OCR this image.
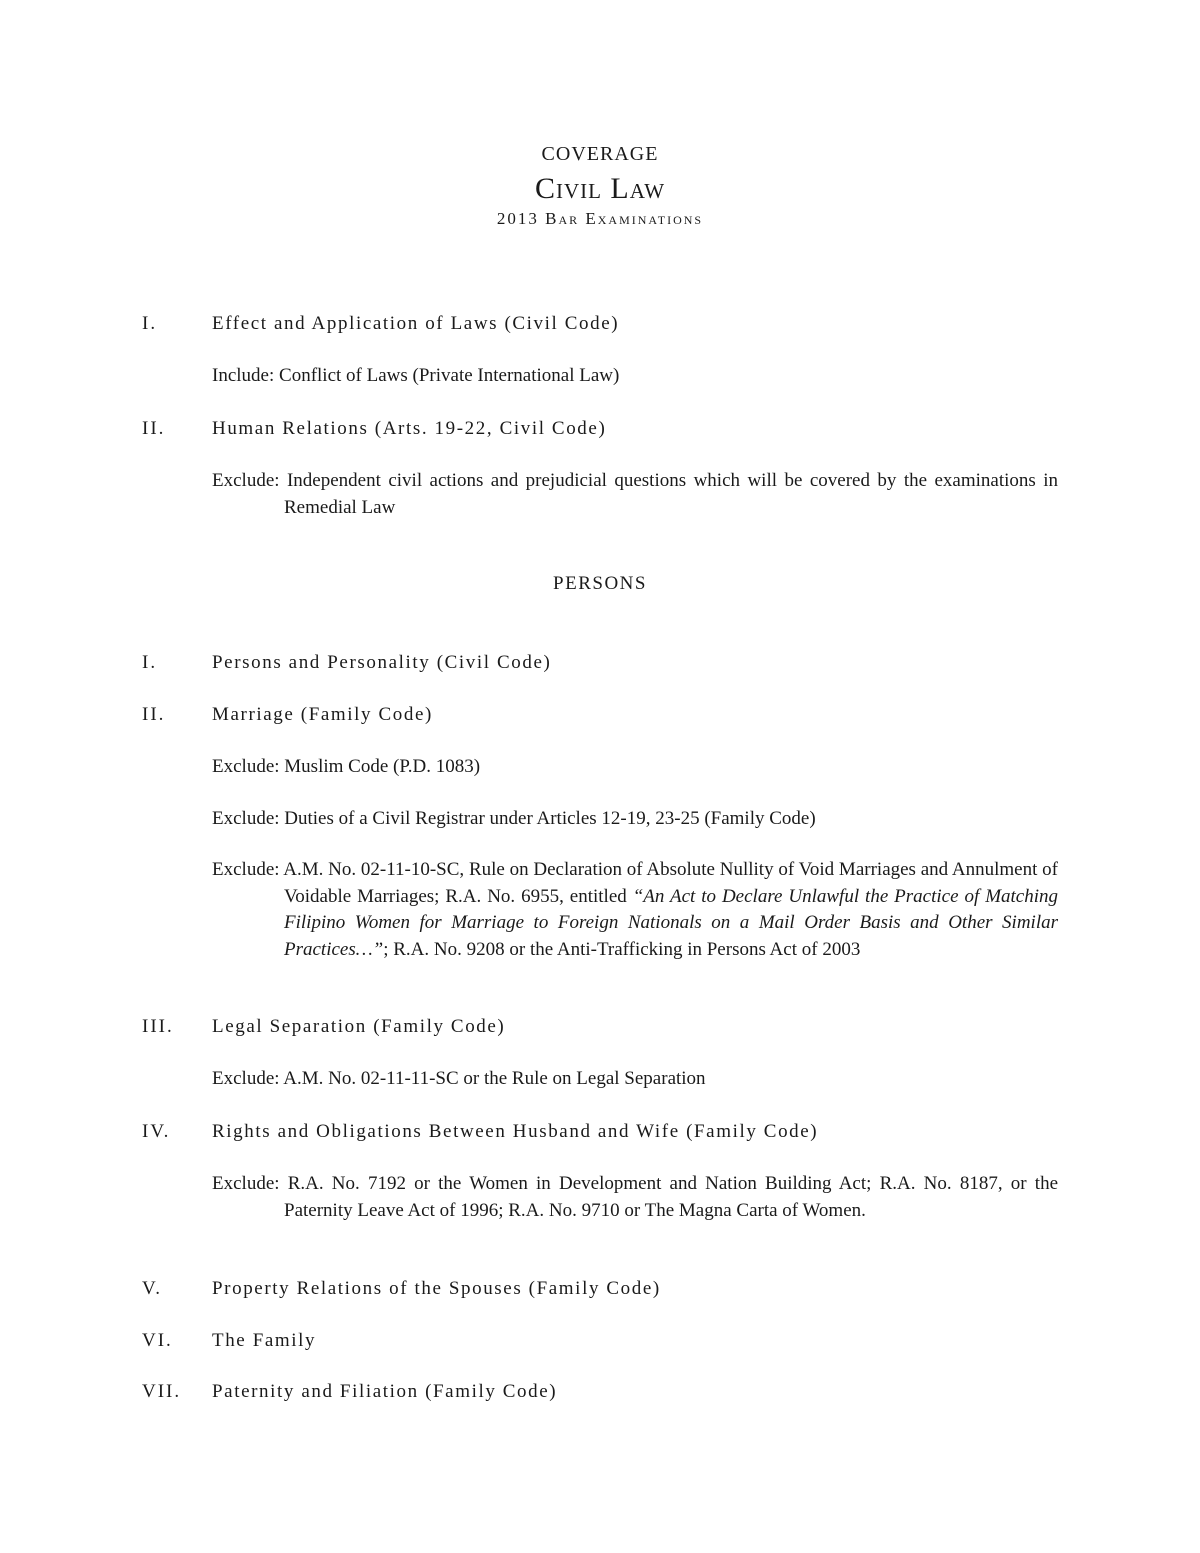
COVERAGE
Civil Law
2013 Bar Examinations
I.	Effect and Application of Laws (Civil Code)
Include: Conflict of Laws (Private International Law)
II.	Human Relations (Arts. 19-22, Civil Code)
Exclude: Independent civil actions and prejudicial questions which will be covered by the examinations in Remedial Law
PERSONS
I.	Persons and Personality (Civil Code)
II.	Marriage (Family Code)
Exclude: Muslim Code (P.D. 1083)
Exclude: Duties of a Civil Registrar under Articles 12-19, 23-25 (Family Code)
Exclude: A.M. No. 02-11-10-SC, Rule on Declaration of Absolute Nullity of Void Marriages and Annulment of Voidable Marriages; R.A. No. 6955, entitled “An Act to Declare Unlawful the Practice of Matching Filipino Women for Marriage to Foreign Nationals on a Mail Order Basis and Other Similar Practices…”; R.A. No. 9208 or the Anti-Trafficking in Persons Act of 2003
III.	Legal Separation (Family Code)
Exclude: A.M. No. 02-11-11-SC or the Rule on Legal Separation
IV.	Rights and Obligations Between Husband and Wife (Family Code)
Exclude: R.A. No. 7192 or the Women in Development and Nation Building Act; R.A. No. 8187, or the Paternity Leave Act of 1996; R.A. No. 9710 or The Magna Carta of Women.
V.	Property Relations of the Spouses (Family Code)
VI.	The Family
VII.	Paternity and Filiation (Family Code)
